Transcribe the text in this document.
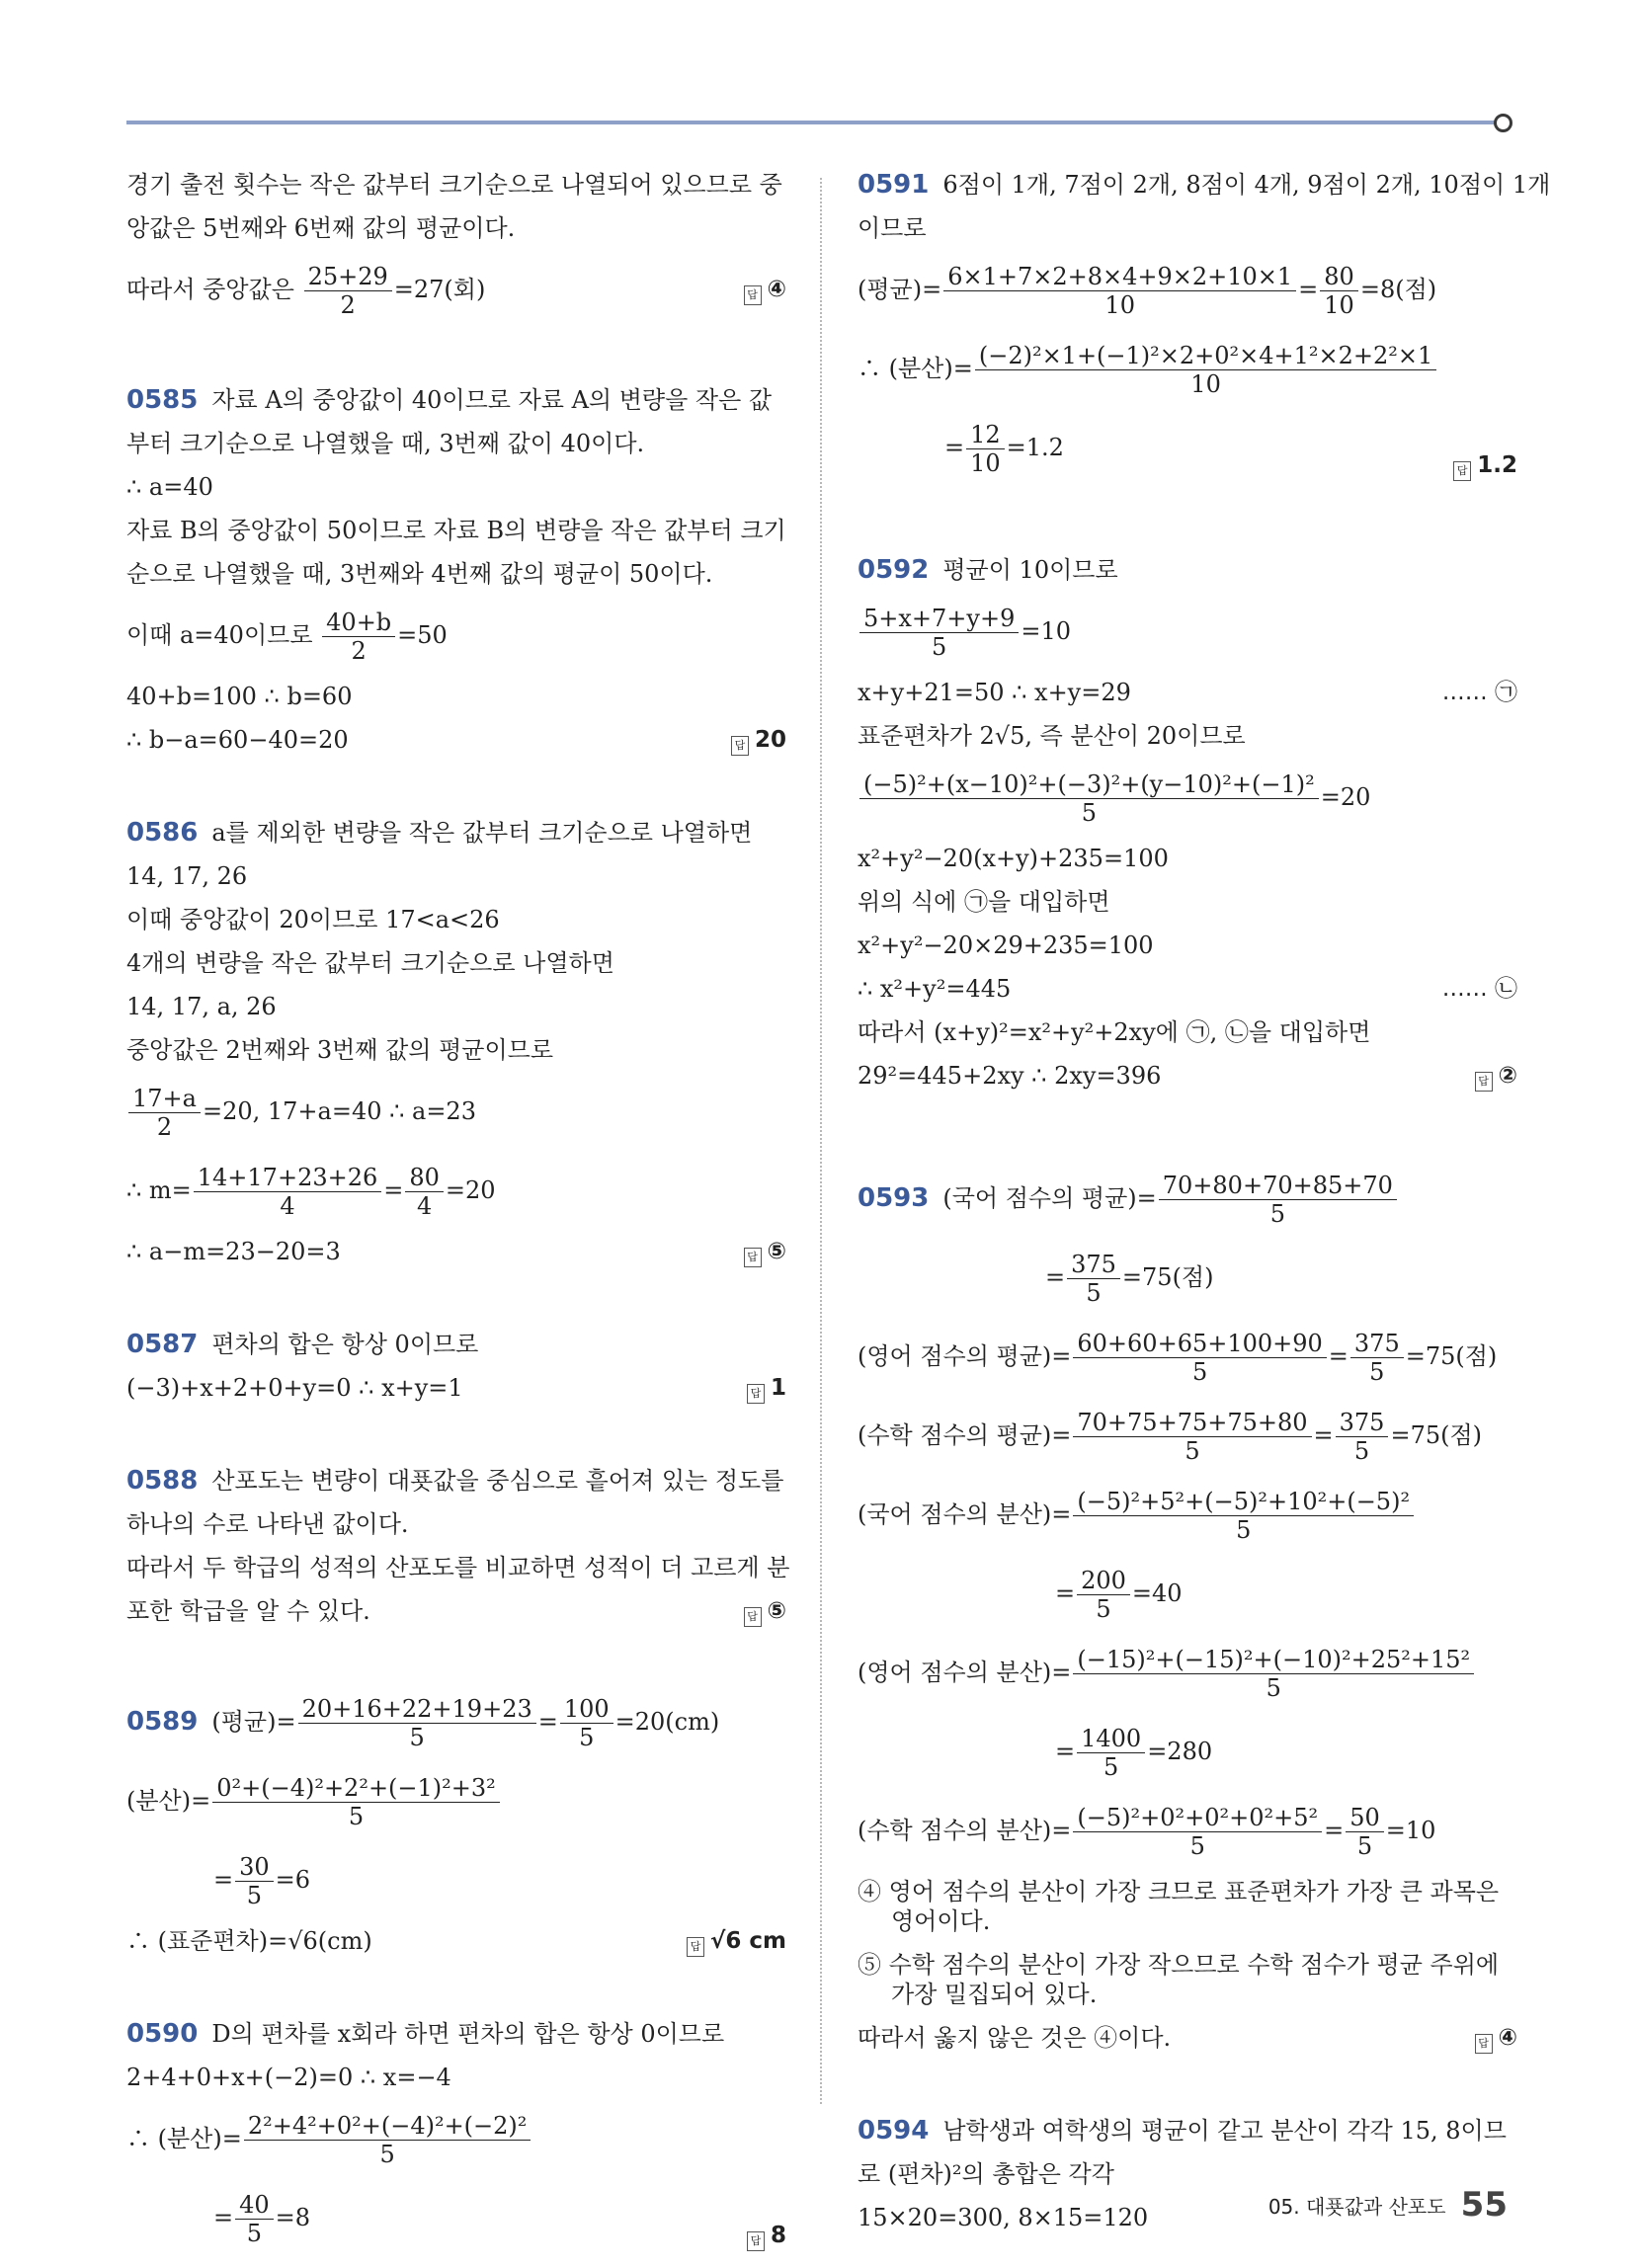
경기 출전 횟수는 작은 값부터 크기순으로 나열되어 있으므로 중
앙값은 5번째와 6번째 값의 평균이다.
따라서 중앙값은 $\frac{25+29}{2} =27$(회)	답 ④
0585 자료 A의 중앙값이 40이므로 자료 A의 변량을 작은 값
부터 크기순으로 나열했을 때, 3번째 값이 40이다.
∴ a=40
자료 B의 중앙값이 50이므로 자료 B의 변량을 작은 값부터 크기
순으로 나열했을 때, 3번째와 4번째 값의 평균이 50이다.
이때 a=40이므로 $\frac{40+b}{2} =50$
40+b=100 ∴ b=60
∴ b−a=60−40=20	답 20
0586 a를 제외한 변량을 작은 값부터 크기순으로 나열하면
14, 17, 26
이때 중앙값이 20이므로 17<a<26
4개의 변량을 작은 값부터 크기순으로 나열하면
14, 17, a, 26
중앙값은 2번째와 3번째 값의 평균이므로
$\frac{17+a}{2} =20$, 17+a=40 ∴ a=23
∴ $m= \frac{14+17+23+26}{4} = \frac{80}{4} =20$
∴ a−m=23−20=3	답 ⑤
0587 편차의 합은 항상 0이므로
(−3)+x+2+0+y=0 ∴ x+y=1	답 1
0588 산포도는 변량이 대푯값을 중심으로 흩어져 있는 정도를
하나의 수로 나타낸 값이다.
따라서 두 학급의 성적의 산포도를 비교하면 성적이 더 고르게 분
포한 학급을 알 수 있다.	답 ⑤
0589 (평균)= $\frac{20+16+22+19+23}{5} = \frac{100}{5} =20(cm)$
(분산)= $\frac{\text{0²+(−4)²+2²+(−1)²+3²}}{5}$
= $\frac{30}{5} =6$
∴ (표준편차)=√6(cm)	답 √6 cm
0590 D의 편차를 x회라 하면 편차의 합은 항상 0이므로
2+4+0+x+(−2)=0 ∴ x=−4
∴ (분산)= $\frac{\text{2²+4²+0²+(−4)²+(−2)²}}{5}$
= $\frac{40}{5} =8$
답 8
0591 6점이 1개, 7점이 2개, 8점이 4개, 9점이 2개, 10점이 1개
이므로
(평균)= $\frac{6\times 1+7\times 2+8\times 4+9\times 2+10\times 1}{10} = \frac{80}{10} =8$(점)
∴ (분산)= $\frac{\text{(−2)²×1+(−1)²×2+0²×4+1²×2+2²×1}}{10}$
= $\frac{12}{10} =1.2$
답 1.2
0592 평균이 10이므로
$\frac{5+x+7+y+9}{5} =10$
x+y+21=50 ∴ x+y=29	…… ㉠
표준편차가 2√5, 즉 분산이 20이므로
$\frac{\text{(−5)²+(x−10)²+(−3)²+(y−10)²+(−1)²}}{5} =20$
x²+y²−20(x+y)+235=100
위의 식에 ㉠을 대입하면
x²+y²−20×29+235=100
∴ x²+y²=445	…… ㉡
따라서 (x+y)²=x²+y²+2xy에 ㉠, ㉡을 대입하면
29²=445+2xy ∴ 2xy=396	답 ②
0593 (국어 점수의 평균)= $\frac{70+80+70+85+70}{5}$
= $\frac{375}{5} =75$(점)
(영어 점수의 평균)= $\frac{60+60+65+100+90}{5} = \frac{375}{5} =75$(점)
(수학 점수의 평균)= $\frac{70+75+75+75+80}{5} = \frac{375}{5} =75$(점)
(국어 점수의 분산)= $\frac{\text{(−5)²+5²+(−5)²+10²+(−5)²}}{5}$
= $\frac{200}{5} =40$
(영어 점수의 분산)= $\frac{\text{(−15)²+(−15)²+(−10)²+25²+15²}}{5}$
= $\frac{1400}{5} =280$
(수학 점수의 분산)= $\frac{\text{(−5)²+0²+0²+0²+5²}}{5} = \frac{50}{5} =10$
④ 영어 점수의 분산이 가장 크므로 표준편차가 가장 큰 과목은 영어이다.
⑤ 수학 점수의 분산이 가장 작으므로 수학 점수가 평균 주위에 가장 밀집되어 있다.
따라서 옳지 않은 것은 ④이다.	답 ④
0594 남학생과 여학생의 평균이 같고 분산이 각각 15, 8이므
로 (편차)²의 총합은 각각
15×20=300, 8×15=120	05. 대푯값과 산포도 55
